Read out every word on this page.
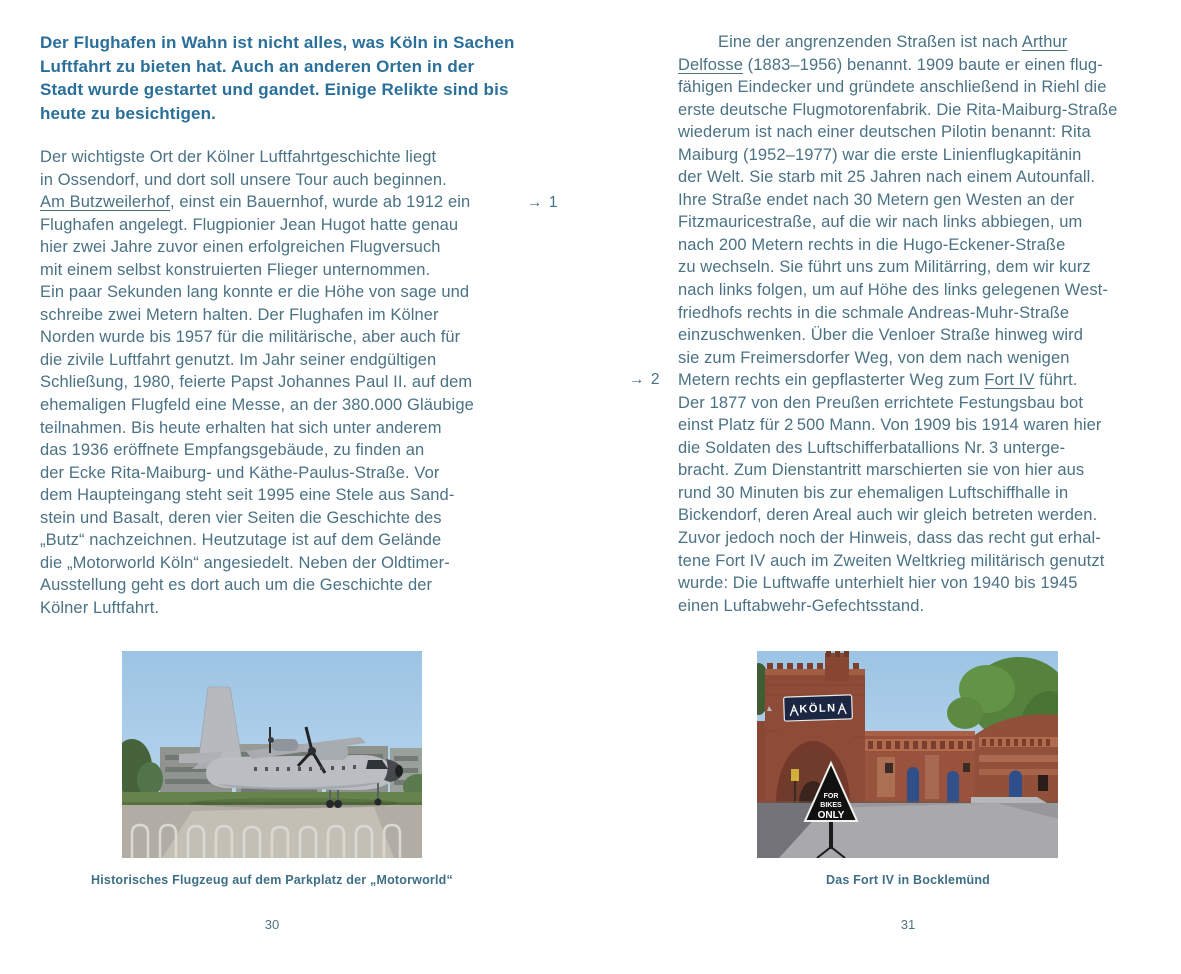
Der Flughafen in Wahn ist nicht alles, was Köln in Sachen
Luftfahrt zu bieten hat. Auch an anderen Orten in der
Stadt wurde gestartet und gandet. Einige Relikte sind bis
heute zu besichtigen.
Der wichtigste Ort der Kölner Luftfahrtgeschichte liegt
in Ossendorf, und dort soll unsere Tour auch beginnen.
Am Butzweilerhof, einst ein Bauernhof, wurde ab 1912 ein
Flughafen angelegt. Flugpionier Jean Hugot hatte genau
hier zwei Jahre zuvor einen erfolgreichen Flugversuch
mit einem selbst konstruierten Flieger unternommen.
Ein paar Sekunden lang konnte er die Höhe von sage und
schreibe zwei Metern halten. Der Flughafen im Kölner
Norden wurde bis 1957 für die militärische, aber auch für
die zivile Luftfahrt genutzt. Im Jahr seiner endgültigen
Schließung, 1980, feierte Papst Johannes Paul II. auf dem
ehemaligen Flugfeld eine Messe, an der 380.000 Gläubige
teilnahmen. Bis heute erhalten hat sich unter anderem
das 1936 eröffnete Empfangsgebäude, zu finden an
der Ecke Rita-Maiburg- und Käthe-Paulus-Straße. Vor
dem Haupteingang steht seit 1995 eine Stele aus Sand-
stein und Basalt, deren vier Seiten die Geschichte des
„Butz“ nachzeichnen. Heutzutage ist auf dem Gelände
die „Motorworld Köln“ angesiedelt. Neben der Oldtimer-
Ausstellung geht es dort auch um die Geschichte der
Kölner Luftfahrt.
→ 1
Eine der angrenzenden Straßen ist nach Arthur
Delfosse (1883–1956) benannt. 1909 baute er einen flug-
fähigen Eindecker und gründete anschließend in Riehl die
erste deutsche Flugmotorenfabrik. Die Rita-Maiburg-Straße
wiederum ist nach einer deutschen Pilotin benannt: Rita
Maiburg (1952–1977) war die erste Linienflugkapitänin
der Welt. Sie starb mit 25 Jahren nach einem Autounfall.
Ihre Straße endet nach 30 Metern gen Westen an der
Fitzmauricestraße, auf die wir nach links abbiegen, um
nach 200 Metern rechts in die Hugo-Eckener-Straße
zu wechseln. Sie führt uns zum Militärring, dem wir kurz
nach links folgen, um auf Höhe des links gelegenen West-
friedhofs rechts in die schmale Andreas-Muhr-Straße
einzuschwenken. Über die Venloer Straße hinweg wird
sie zum Freimersdorfer Weg, von dem nach wenigen
Metern rechts ein gepflasterter Weg zum Fort IV führt.
Der 1877 von den Preußen errichtete Festungsbau bot
einst Platz für 2 500 Mann. Von 1909 bis 1914 waren hier
die Soldaten des Luftschifferbatallions Nr. 3 unterge-
bracht. Zum Dienstantritt marschierten sie von hier aus
rund 30 Minuten bis zur ehemaligen Luftschiffhalle in
Bickendorf, deren Areal auch wir gleich betreten werden.
Zuvor jedoch noch der Hinweis, dass das recht gut erhal-
tene Fort IV auch im Zweiten Weltkrieg militärisch genutzt
wurde: Die Luftwaffe unterhielt hier von 1940 bis 1945
einen Luftabwehr-Gefechtsstand.
→ 2
KÖLN
FOR
BIKES
ONLY
Historisches Flugzeug auf dem Parkplatz der „Motorworld“	Das Fort IV in Bocklemünd
30	31
